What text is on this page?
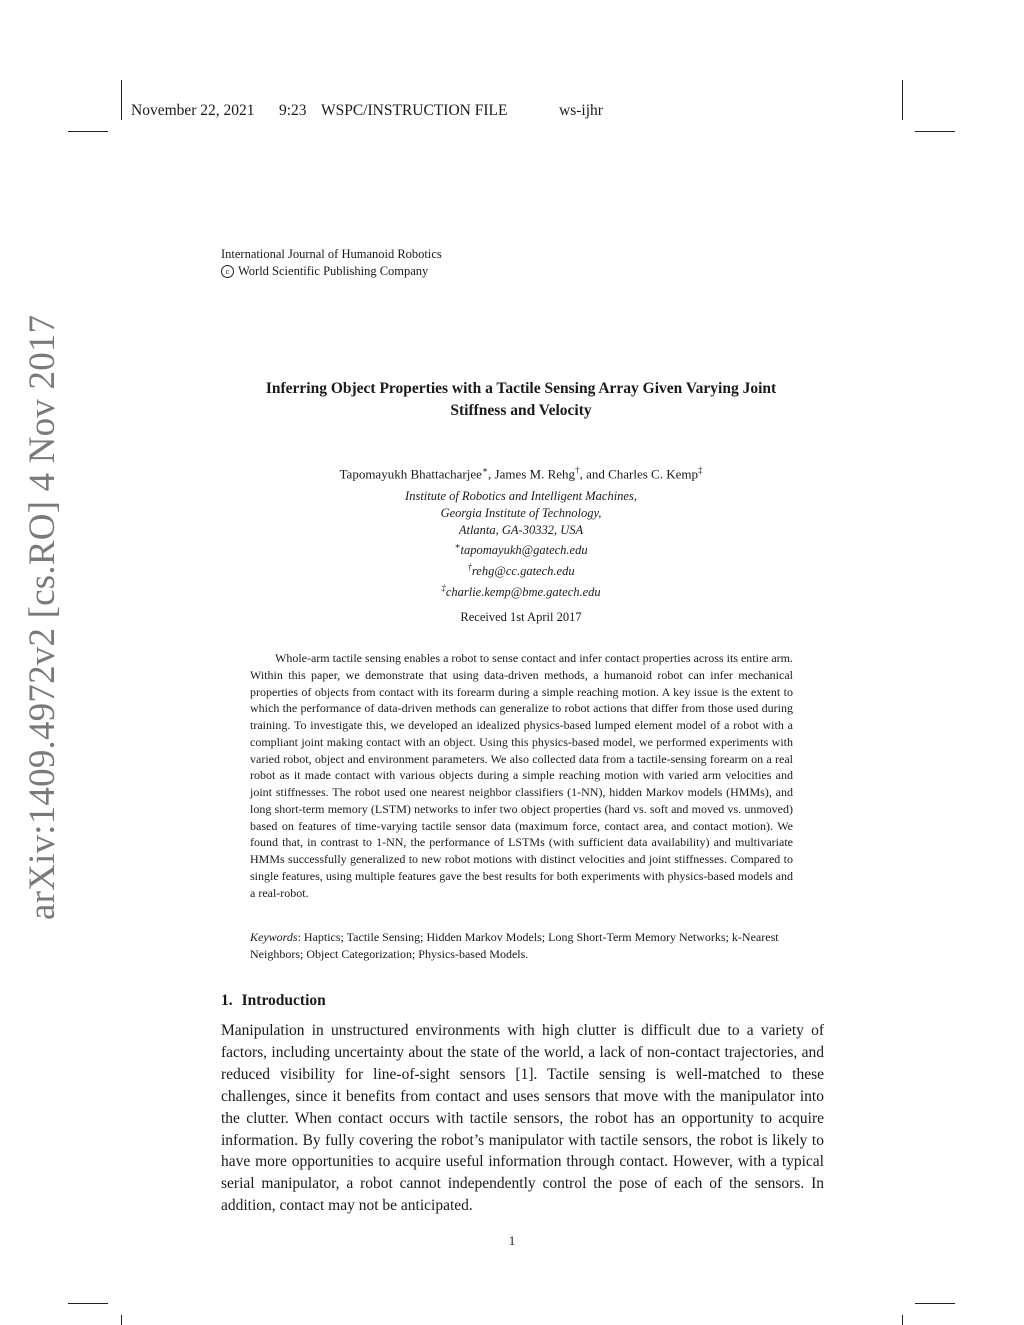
November 22, 2021 9:23 WSPC/INSTRUCTION FILE	ws-ijhr
International Journal of Humanoid Robotics
c World Scientific Publishing Company
arXiv:1409.4972v2 [cs.RO] 4 Nov 2017	Inferring Object Properties with a Tactile Sensing Array Given Varying Joint
Stiffness and Velocity
Tapomayukh Bhattacharjee∗, James M. Rehg†, and Charles C. Kemp‡
Institute of Robotics and Intelligent Machines,
Georgia Institute of Technology,
Atlanta, GA-30332, USA
∗tapomayukh@gatech.edu
†rehg@cc.gatech.edu
‡charlie.kemp@bme.gatech.edu
Received 1st April 2017

Whole-arm tactile sensing enables a robot to sense contact and infer contact properties across its entire arm. Within this paper, we demonstrate that using data-driven methods, a humanoid robot can infer mechanical properties of objects from contact with its forearm during a simple reaching motion. A key issue is the extent to which the performance of data-driven methods can generalize to robot actions that differ from those used during training. To investigate this, we developed an idealized physics-based lumped element model of a robot with a compliant joint making contact with an object. Using this physics-based model, we performed experiments with varied robot, object and environment parameters. We also collected data from a tactile-sensing forearm on a real robot as it made contact with various objects during a simple reaching motion with varied arm velocities and joint stiffnesses. The robot used one nearest neighbor classifiers (1-NN), hidden Markov models (HMMs), and long short-term memory (LSTM) networks to infer two object properties (hard vs. soft and moved vs. unmoved) based on features of time-varying tactile sensor data (maximum force, contact area, and contact motion). We found that, in contrast to 1-NN, the performance of LSTMs (with sufficient data availability) and multivariate HMMs successfully generalized to new robot motions with distinct velocities and joint stiffnesses. Compared to single features, using multiple features gave the best results for both experiments with physics-based models and a real-robot.

Keywords: Haptics; Tactile Sensing; Hidden Markov Models; Long Short-Term Memory Networks; k-Nearest Neighbors; Object Categorization; Physics-based Models.

1. Introduction

Manipulation in unstructured environments with high clutter is difficult due to a variety of factors, including uncertainty about the state of the world, a lack of non-contact trajectories, and reduced visibility for line-of-sight sensors [1]. Tactile sensing is well-matched to these challenges, since it benefits from contact and uses sensors that move with the manipulator into the clutter. When contact occurs with tactile sensors, the robot has an opportunity to acquire information. By fully covering the robot’s manipulator with tactile sensors, the robot is likely to have more opportunities to acquire useful information through contact. However, with a typical serial manipulator, a robot cannot independently control the pose of each of the sensors. In addition, contact may not be anticipated.

1
